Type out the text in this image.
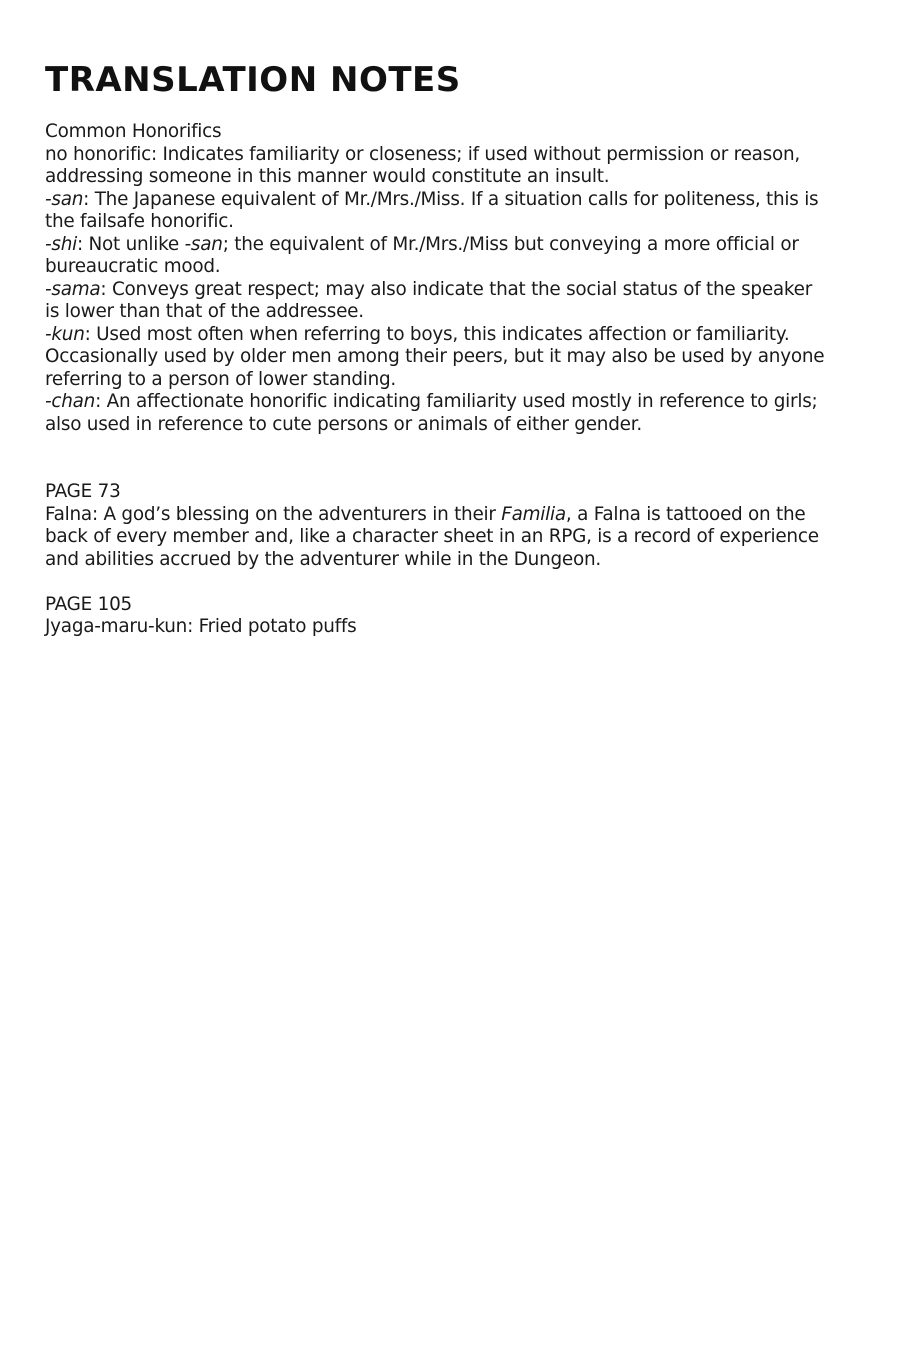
TRANSLATION NOTES
Common Honorifics
no honorific: Indicates familiarity or closeness; if used without permission or reason, addressing someone in this manner would constitute an insult.
-san: The Japanese equivalent of Mr./Mrs./Miss. If a situation calls for politeness, this is the failsafe honorific.
-shi: Not unlike -san; the equivalent of Mr./Mrs./Miss but conveying a more official or bureaucratic mood.
-sama: Conveys great respect; may also indicate that the social status of the speaker is lower than that of the addressee.
-kun: Used most often when referring to boys, this indicates affection or familiarity. Occasionally used by older men among their peers, but it may also be used by anyone referring to a person of lower standing.
-chan: An affectionate honorific indicating familiarity used mostly in reference to girls; also used in reference to cute persons or animals of either gender.
PAGE 73
Falna: A god’s blessing on the adventurers in their Familia, a Falna is tattooed on the back of every member and, like a character sheet in an RPG, is a record of experience and abilities accrued by the adventurer while in the Dungeon.
PAGE 105
Jyaga-maru-kun: Fried potato puffs
